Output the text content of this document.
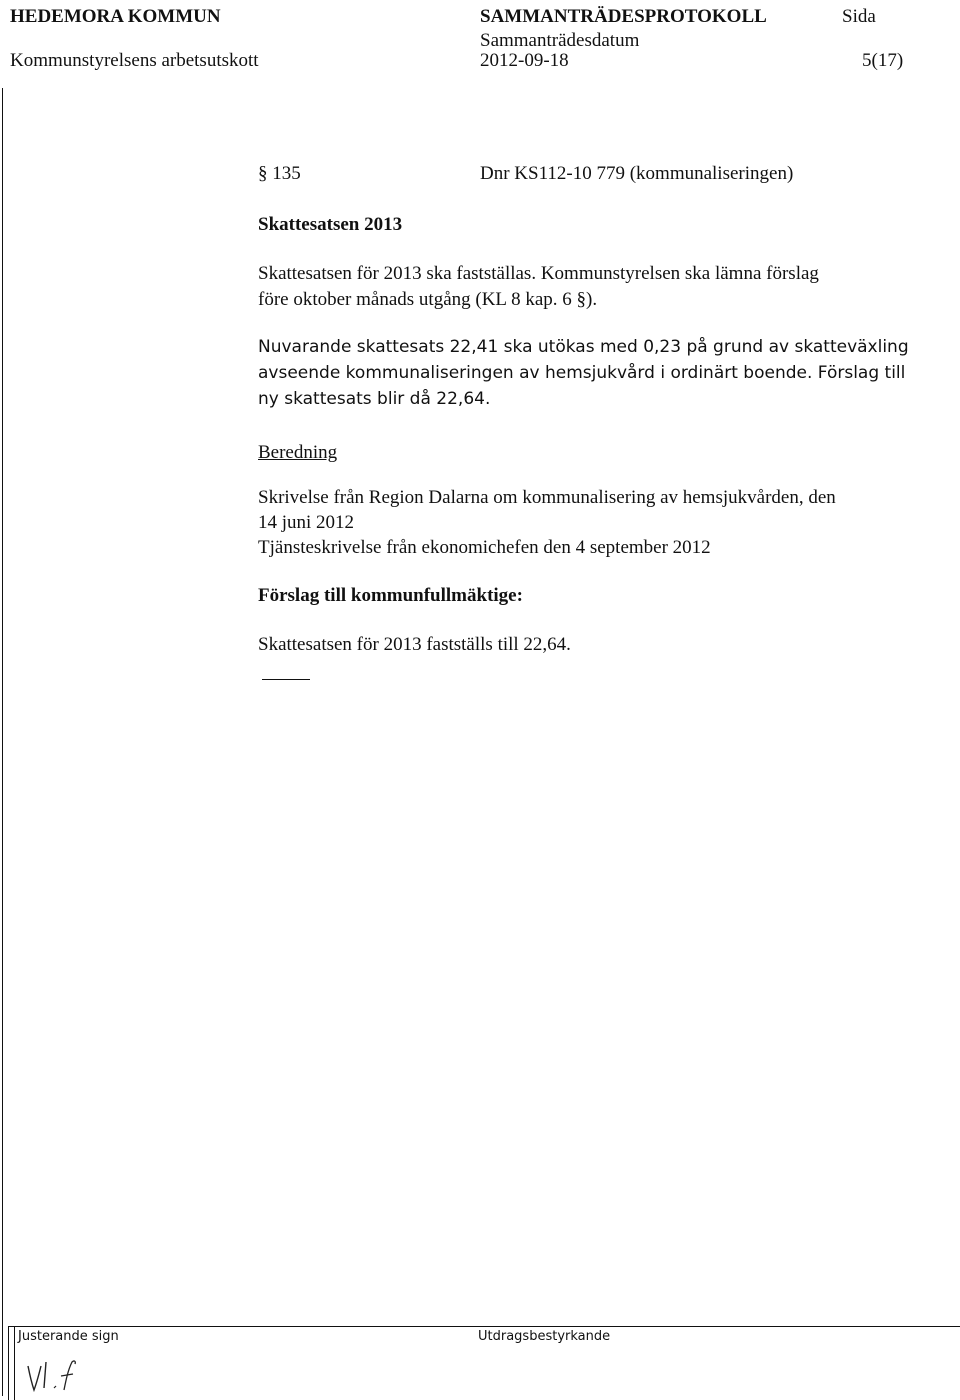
HEDEMORA KOMMUN
Kommunstyrelsens arbetsutskott
SAMMANTRÄDESPROTOKOLL
Sammanträdesdatum
2012-09-18
Sida
5(17)
§ 135	Dnr KS112-10 779 (kommunaliseringen)
Skattesatsen 2013
Skattesatsen för 2013 ska fastställas. Kommunstyrelsen ska lämna förslag
före oktober månads utgång (KL 8 kap. 6 §).
Nuvarande skattesats 22,41 ska utökas med 0,23 på grund av skatteväxling
avseende kommunaliseringen av hemsjukvård i ordinärt boende. Förslag till
ny skattesats blir då 22,64.
Beredning
Skrivelse från Region Dalarna om kommunalisering av hemsjukvården, den
14 juni 2012
Tjänsteskrivelse från ekonomichefen den 4 september 2012
Förslag till kommunfullmäktige:
Skattesatsen för 2013 fastställs till 22,64.
Justerande sign	Utdragsbestyrkande
